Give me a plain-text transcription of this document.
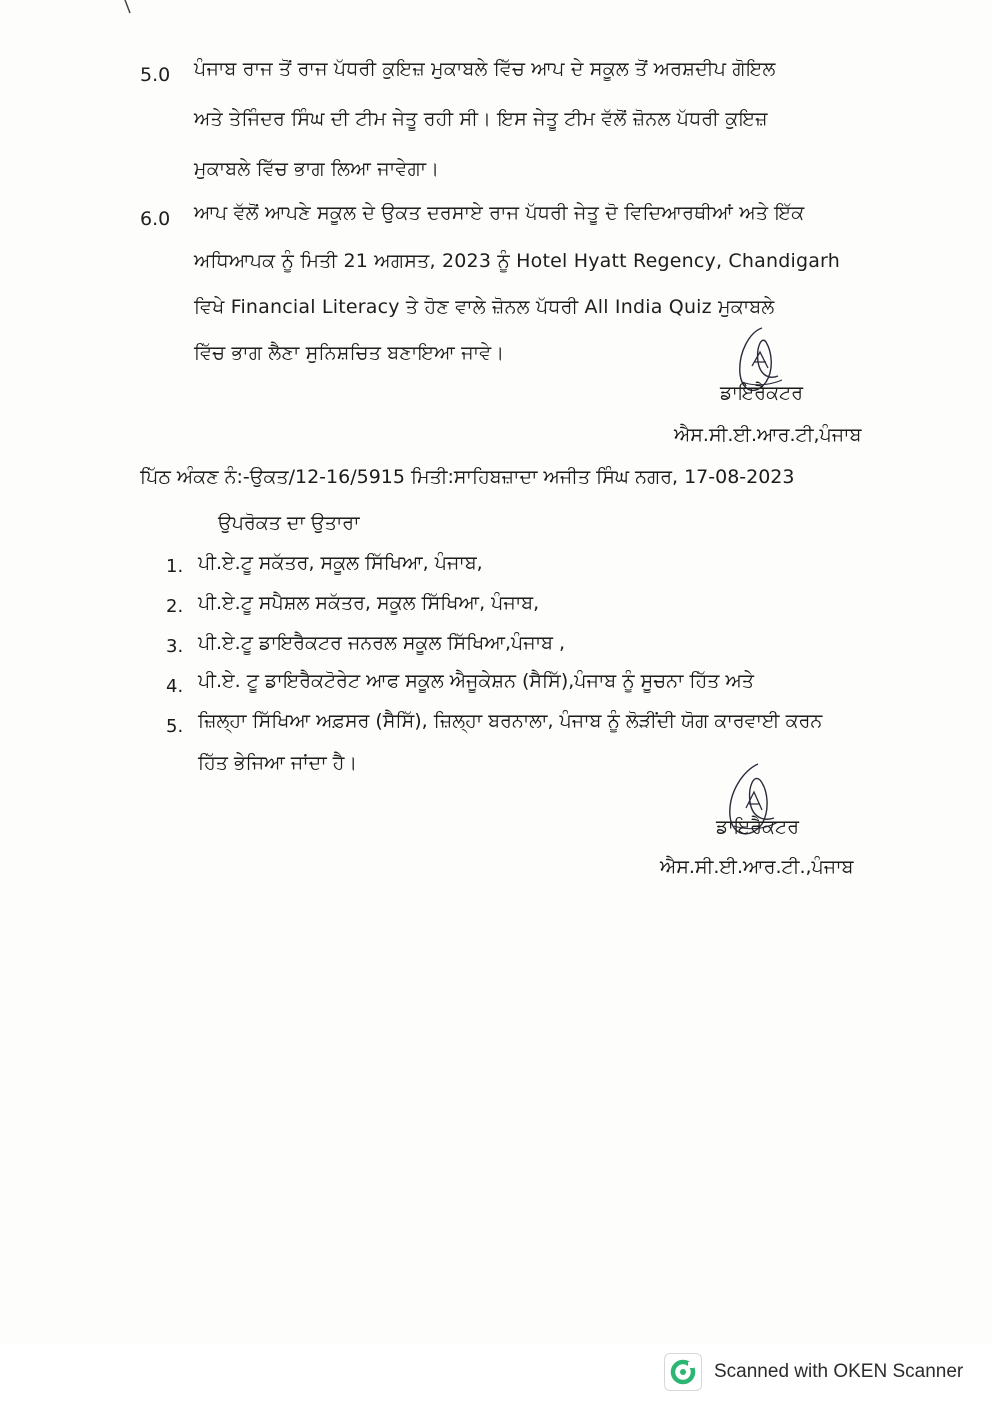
5.0 ਪੰਜਾਬ ਰਾਜ ਤੋਂ ਰਾਜ ਪੱਧਰੀ ਕੁਇਜ਼ ਮੁਕਾਬਲੇ ਵਿੱਚ ਆਪ ਦੇ ਸਕੂਲ ਤੋਂ ਅਰਸ਼ਦੀਪ ਗੋਇਲ
ਅਤੇ ਤੇਜਿੰਦਰ ਸਿੰਘ ਦੀ ਟੀਮ ਜੇਤੂ ਰਹੀ ਸੀ। ਇਸ ਜੇਤੂ ਟੀਮ ਵੱਲੋਂ ਜ਼ੋਨਲ ਪੱਧਰੀ ਕੁਇਜ਼
ਮੁਕਾਬਲੇ ਵਿੱਚ ਭਾਗ ਲਿਆ ਜਾਵੇਗਾ।
6.0 ਆਪ ਵੱਲੋਂ ਆਪਣੇ ਸਕੂਲ ਦੇ ਉਕਤ ਦਰਸਾਏ ਰਾਜ ਪੱਧਰੀ ਜੇਤੂ ਦੋ ਵਿਦਿਆਰਥੀਆਂ ਅਤੇ ਇੱਕ
ਅਧਿਆਪਕ ਨੂੰ ਮਿਤੀ 21 ਅਗਸਤ, 2023 ਨੂੰ Hotel Hyatt Regency, Chandigarh
ਵਿਖੇ Financial Literacy ਤੇ ਹੋਣ ਵਾਲੇ ਜ਼ੋਨਲ ਪੱਧਰੀ All India Quiz ਮੁਕਾਬਲੇ
ਵਿੱਚ ਭਾਗ ਲੈਣਾ ਸੁਨਿਸ਼ਚਿਤ ਬਣਾਇਆ ਜਾਵੇ।
ਡਾਇਰੈਕਟਰ
ਐਸ.ਸੀ.ਈ.ਆਰ.ਟੀ,ਪੰਜਾਬ
ਪਿੱਠ ਅੰਕਣ ਨੰ:-ਉਕਤ/12-16/5915 ਮਿਤੀ:ਸਾਹਿਬਜ਼ਾਦਾ ਅਜੀਤ ਸਿੰਘ ਨਗਰ, 17-08-2023
ਉਪਰੋਕਤ ਦਾ ਉਤਾਰਾ
1. ਪੀ.ਏ.ਟੂ ਸਕੱਤਰ, ਸਕੂਲ ਸਿੱਖਿਆ, ਪੰਜਾਬ,
2. ਪੀ.ਏ.ਟੂ ਸਪੈਸ਼ਲ ਸਕੱਤਰ, ਸਕੂਲ ਸਿੱਖਿਆ, ਪੰਜਾਬ,
3. ਪੀ.ਏ.ਟੂ ਡਾਇਰੈਕਟਰ ਜਨਰਲ ਸਕੂਲ ਸਿੱਖਿਆ,ਪੰਜਾਬ ,
4. ਪੀ.ਏ. ਟੂ ਡਾਇਰੈਕਟੋਰੇਟ ਆਫ ਸਕੂਲ ਐਜੂਕੇਸ਼ਨ (ਸੈਸਿੱ),ਪੰਜਾਬ ਨੂੰ ਸੂਚਨਾ ਹਿੱਤ ਅਤੇ
5. ਜ਼ਿਲ੍ਹਾ ਸਿੱਖਿਆ ਅਫ਼ਸਰ (ਸੈਸਿੱ), ਜ਼ਿਲ੍ਹਾ ਬਰਨਾਲਾ, ਪੰਜਾਬ ਨੂੰ ਲੋੜੀਂਦੀ ਯੋਗ ਕਾਰਵਾਈ ਕਰਨ
ਹਿੱਤ ਭੇਜਿਆ ਜਾਂਦਾ ਹੈ।
ਡਾਇਰੈਕਟਰ
ਐਸ.ਸੀ.ਈ.ਆਰ.ਟੀ.,ਪੰਜਾਬ
Scanned with OKEN Scanner
